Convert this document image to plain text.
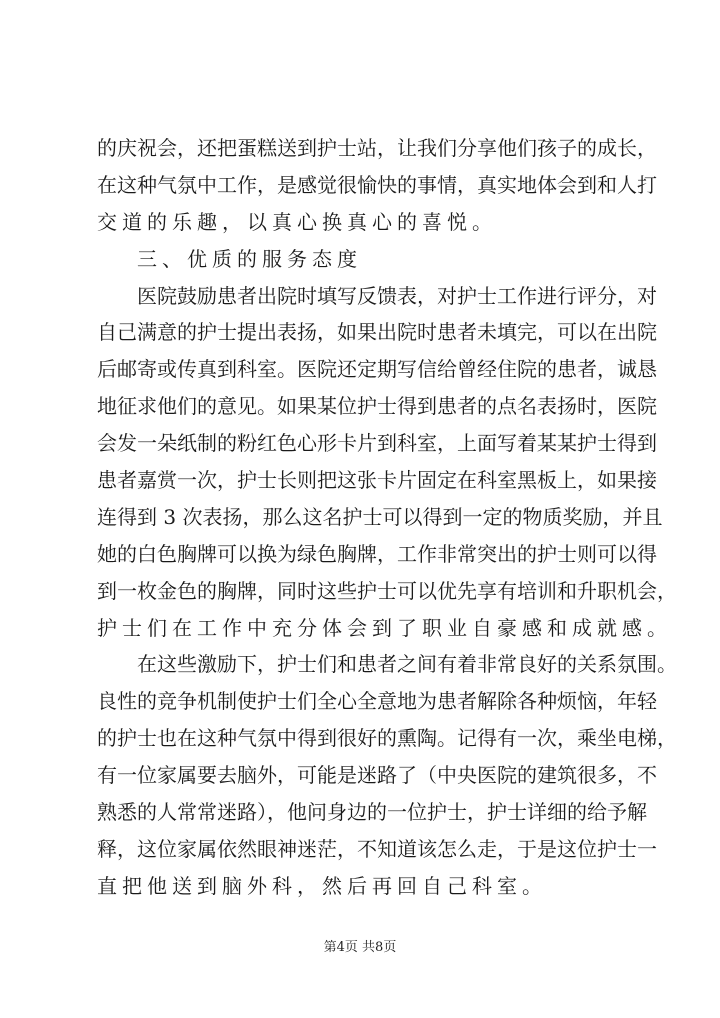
的庆祝会，还把蛋糕送到护士站，让我们分享他们孩子的成长，
在这种气氛中工作，是感觉很愉快的事情，真实地体会到和人打
交道的乐趣，以真心换真心的喜悦。
三、优质的服务态度
医院鼓励患者出院时填写反馈表，对护士工作进行评分，对
自己满意的护士提出表扬，如果出院时患者未填完，可以在出院
后邮寄或传真到科室。医院还定期写信给曾经住院的患者，诚恳
地征求他们的意见。如果某位护士得到患者的点名表扬时，医院
会发一朵纸制的粉红色心形卡片到科室，上面写着某某护士得到
患者嘉赏一次，护士长则把这张卡片固定在科室黑板上，如果接
连得到 3 次表扬，那么这名护士可以得到一定的物质奖励，并且
她的白色胸牌可以换为绿色胸牌，工作非常突出的护士则可以得
到一枚金色的胸牌，同时这些护士可以优先享有培训和升职机会，
护士们在工作中充分体会到了职业自豪感和成就感。
在这些激励下，护士们和患者之间有着非常良好的关系氛围。
良性的竞争机制使护士们全心全意地为患者解除各种烦恼，年轻
的护士也在这种气氛中得到很好的熏陶。记得有一次，乘坐电梯，
有一位家属要去脑外，可能是迷路了（中央医院的建筑很多，不
熟悉的人常常迷路），他问身边的一位护士，护士详细的给予解
释，这位家属依然眼神迷茫，不知道该怎么走，于是这位护士一
直把他送到脑外科，然后再回自己科室。
第4页 共8页
